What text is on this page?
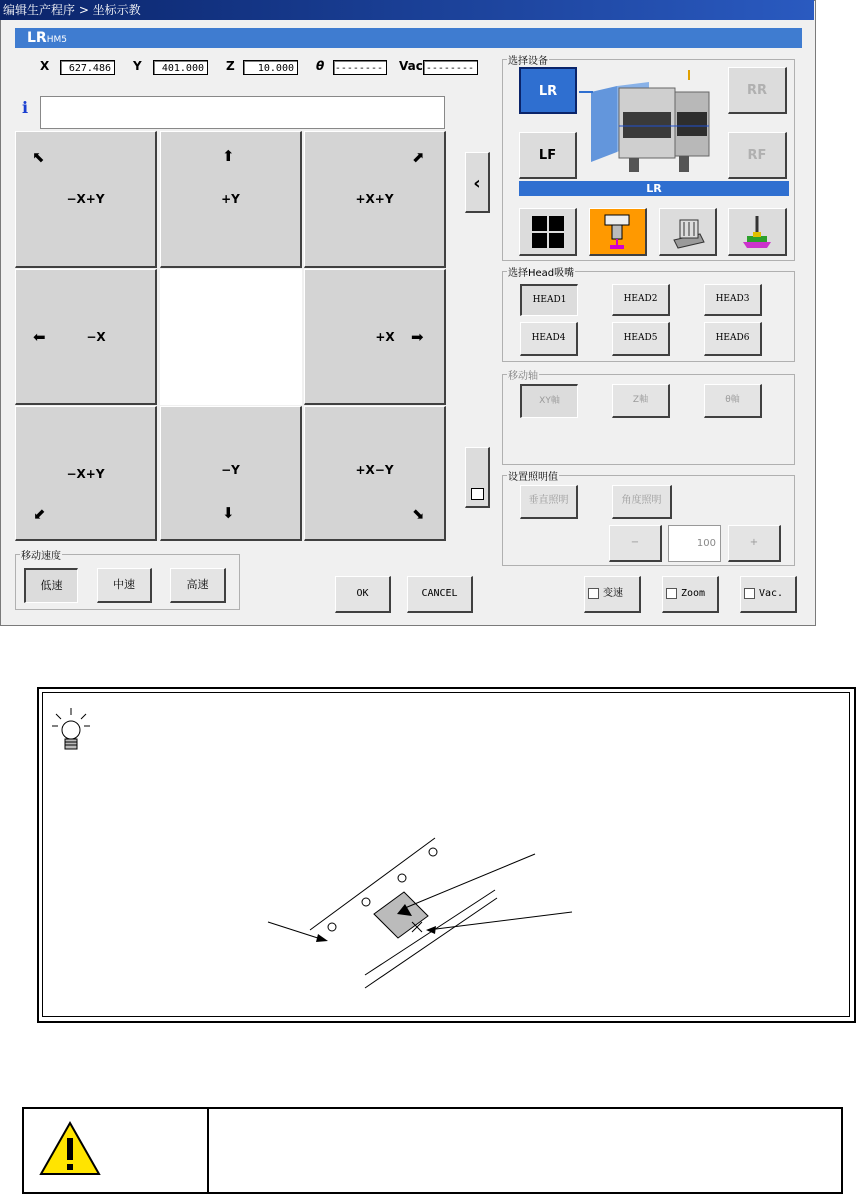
编辑生产程序 > 坐标示教
LRHM5
X	627.486	Y	401.000	Z	10.000	θ --------	Vac --------
i
⬉
−X+Y
⬆
+Y
⬈
+X+Y
⬅	−X	+X	➡
−X+Y
⬋
−Y
⬇
+X−Y
⬊
‹
移动速度
低速	中速	高速
OK	CANCEL
选择设备
LR	RR
LF	RF
LR
选择Head吸嘴
HEAD1	HEAD2	HEAD3
HEAD4	HEAD5	HEAD6
移动轴
XY軸	Z軸	θ軸
设置照明值
垂直照明	角度照明
−	100	+
变速	Zoom	Vac.
